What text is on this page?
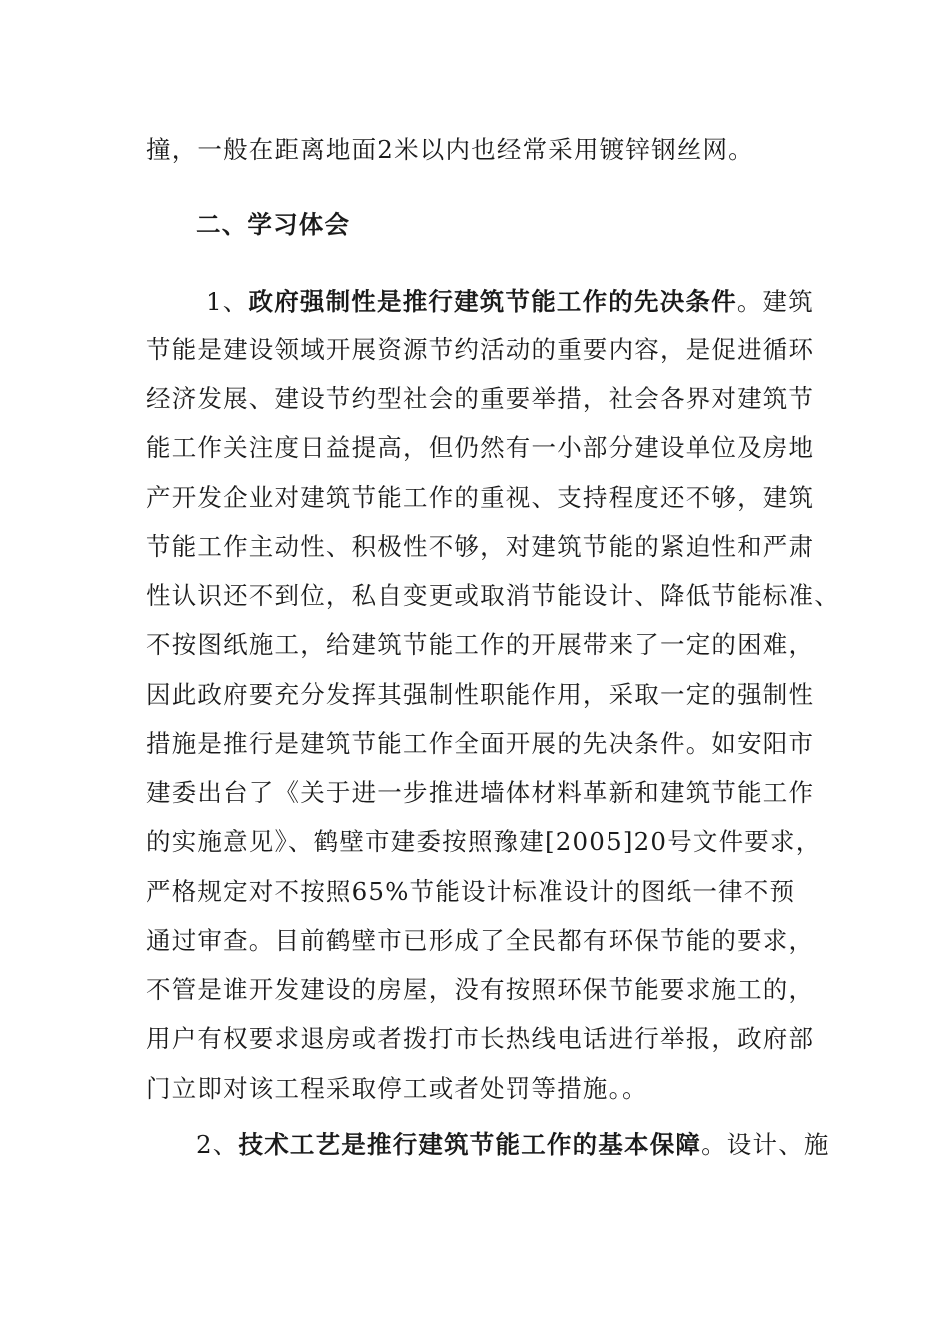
撞，一般在距离地面2米以内也经常采用镀锌钢丝网。
二、学习体会
1、政府强制性是推行建筑节能工作的先决条件。建筑
节能是建设领域开展资源节约活动的重要内容，是促进循环
经济发展、建设节约型社会的重要举措，社会各界对建筑节
能工作关注度日益提高，但仍然有一小部分建设单位及房地
产开发企业对建筑节能工作的重视、支持程度还不够，建筑
节能工作主动性、积极性不够，对建筑节能的紧迫性和严肃
性认识还不到位，私自变更或取消节能设计、降低节能标准、
不按图纸施工，给建筑节能工作的开展带来了一定的困难，
因此政府要充分发挥其强制性职能作用，采取一定的强制性
措施是推行是建筑节能工作全面开展的先决条件。如安阳市
建委出台了《关于进一步推进墙体材料革新和建筑节能工作
的实施意见》、鹤壁市建委按照豫建[2005]20号文件要求，
严格规定对不按照65%节能设计标准设计的图纸一律不预
通过审查。目前鹤壁市已形成了全民都有环保节能的要求，
不管是谁开发建设的房屋，没有按照环保节能要求施工的，
用户有权要求退房或者拨打市长热线电话进行举报，政府部
门立即对该工程采取停工或者处罚等措施。。
2、技术工艺是推行建筑节能工作的基本保障。设计、施
